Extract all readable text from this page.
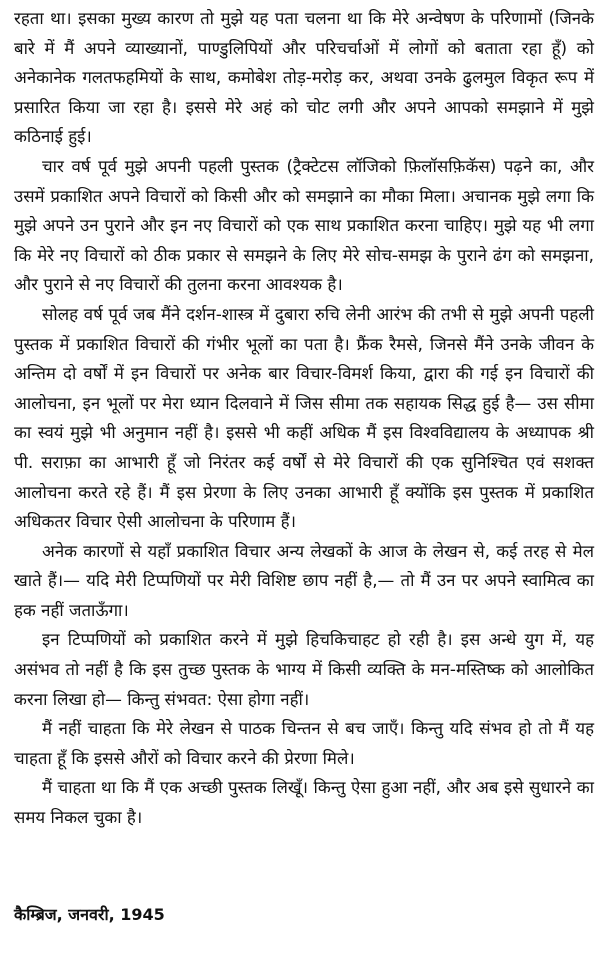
रहता था। इसका मुख्य कारण तो मुझे यह पता चलना था कि मेरे अन्वेषण के परिणामों (जिनके बारे में मैं अपने व्याख्यानों, पाण्डुलिपियों और परिचर्चाओं में लोगों को बताता रहा हूँ) को अनेकानेक गलतफहमियों के साथ, कमोबेश तोड़-मरोड़ कर, अथवा उनके ढुलमुल विकृत रूप में प्रसारित किया जा रहा है। इससे मेरे अहं को चोट लगी और अपने आपको समझाने में मुझे कठिनाई हुई।

चार वर्ष पूर्व मुझे अपनी पहली पुस्तक (ट्रैक्टेटस लॉजिको फ़िलॉसफ़िकॅस) पढ़ने का, और उसमें प्रकाशित अपने विचारों को किसी और को समझाने का मौका मिला। अचानक मुझे लगा कि मुझे अपने उन पुराने और इन नए विचारों को एक साथ प्रकाशित करना चाहिए। मुझे यह भी लगा कि मेरे नए विचारों को ठीक प्रकार से समझने के लिए मेरे सोच-समझ के पुराने ढंग को समझना, और पुराने से नए विचारों की तुलना करना आवश्यक है।

सोलह वर्ष पूर्व जब मैंने दर्शन-शास्त्र में दुबारा रुचि लेनी आरंभ की तभी से मुझे अपनी पहली पुस्तक में प्रकाशित विचारों की गंभीर भूलों का पता है। फ्रैंक रैमसे, जिनसे मैंने उनके जीवन के अन्तिम दो वर्षों में इन विचारों पर अनेक बार विचार-विमर्श किया, द्वारा की गई इन विचारों की आलोचना, इन भूलों पर मेरा ध्यान दिलवाने में जिस सीमा तक सहायक सिद्ध हुई है— उस सीमा का स्वयं मुझे भी अनुमान नहीं है। इससे भी कहीं अधिक मैं इस विश्वविद्यालय के अध्यापक श्री पी. सराफ़ा का आभारी हूँ जो निरंतर कई वर्षों से मेरे विचारों की एक सुनिश्चित एवं सशक्त आलोचना करते रहे हैं। मैं इस प्रेरणा के लिए उनका आभारी हूँ क्योंकि इस पुस्तक में प्रकाशित अधिकतर विचार ऐसी आलोचना के परिणाम हैं।

अनेक कारणों से यहाँ प्रकाशित विचार अन्य लेखकों के आज के लेखन से, कई तरह से मेल खाते हैं।— यदि मेरी टिप्पणियों पर मेरी विशिष्ट छाप नहीं है,— तो मैं उन पर अपने स्वामित्व का हक नहीं जताऊँगा।

इन टिप्पणियों को प्रकाशित करने में मुझे हिचकिचाहट हो रही है। इस अन्धे युग में, यह असंभव तो नहीं है कि इस तुच्छ पुस्तक के भाग्य में किसी व्यक्ति के मन-मस्तिष्क को आलोकित करना लिखा हो— किन्तु संभवत: ऐसा होगा नहीं।

मैं नहीं चाहता कि मेरे लेखन से पाठक चिन्तन से बच जाएँ। किन्तु यदि संभव हो तो मैं यह चाहता हूँ कि इससे औरों को विचार करने की प्रेरणा मिले।

मैं चाहता था कि मैं एक अच्छी पुस्तक लिखूँ। किन्तु ऐसा हुआ नहीं, और अब इसे सुधारने का समय निकल चुका है।

कैम्ब्रिज, जनवरी, 1945
